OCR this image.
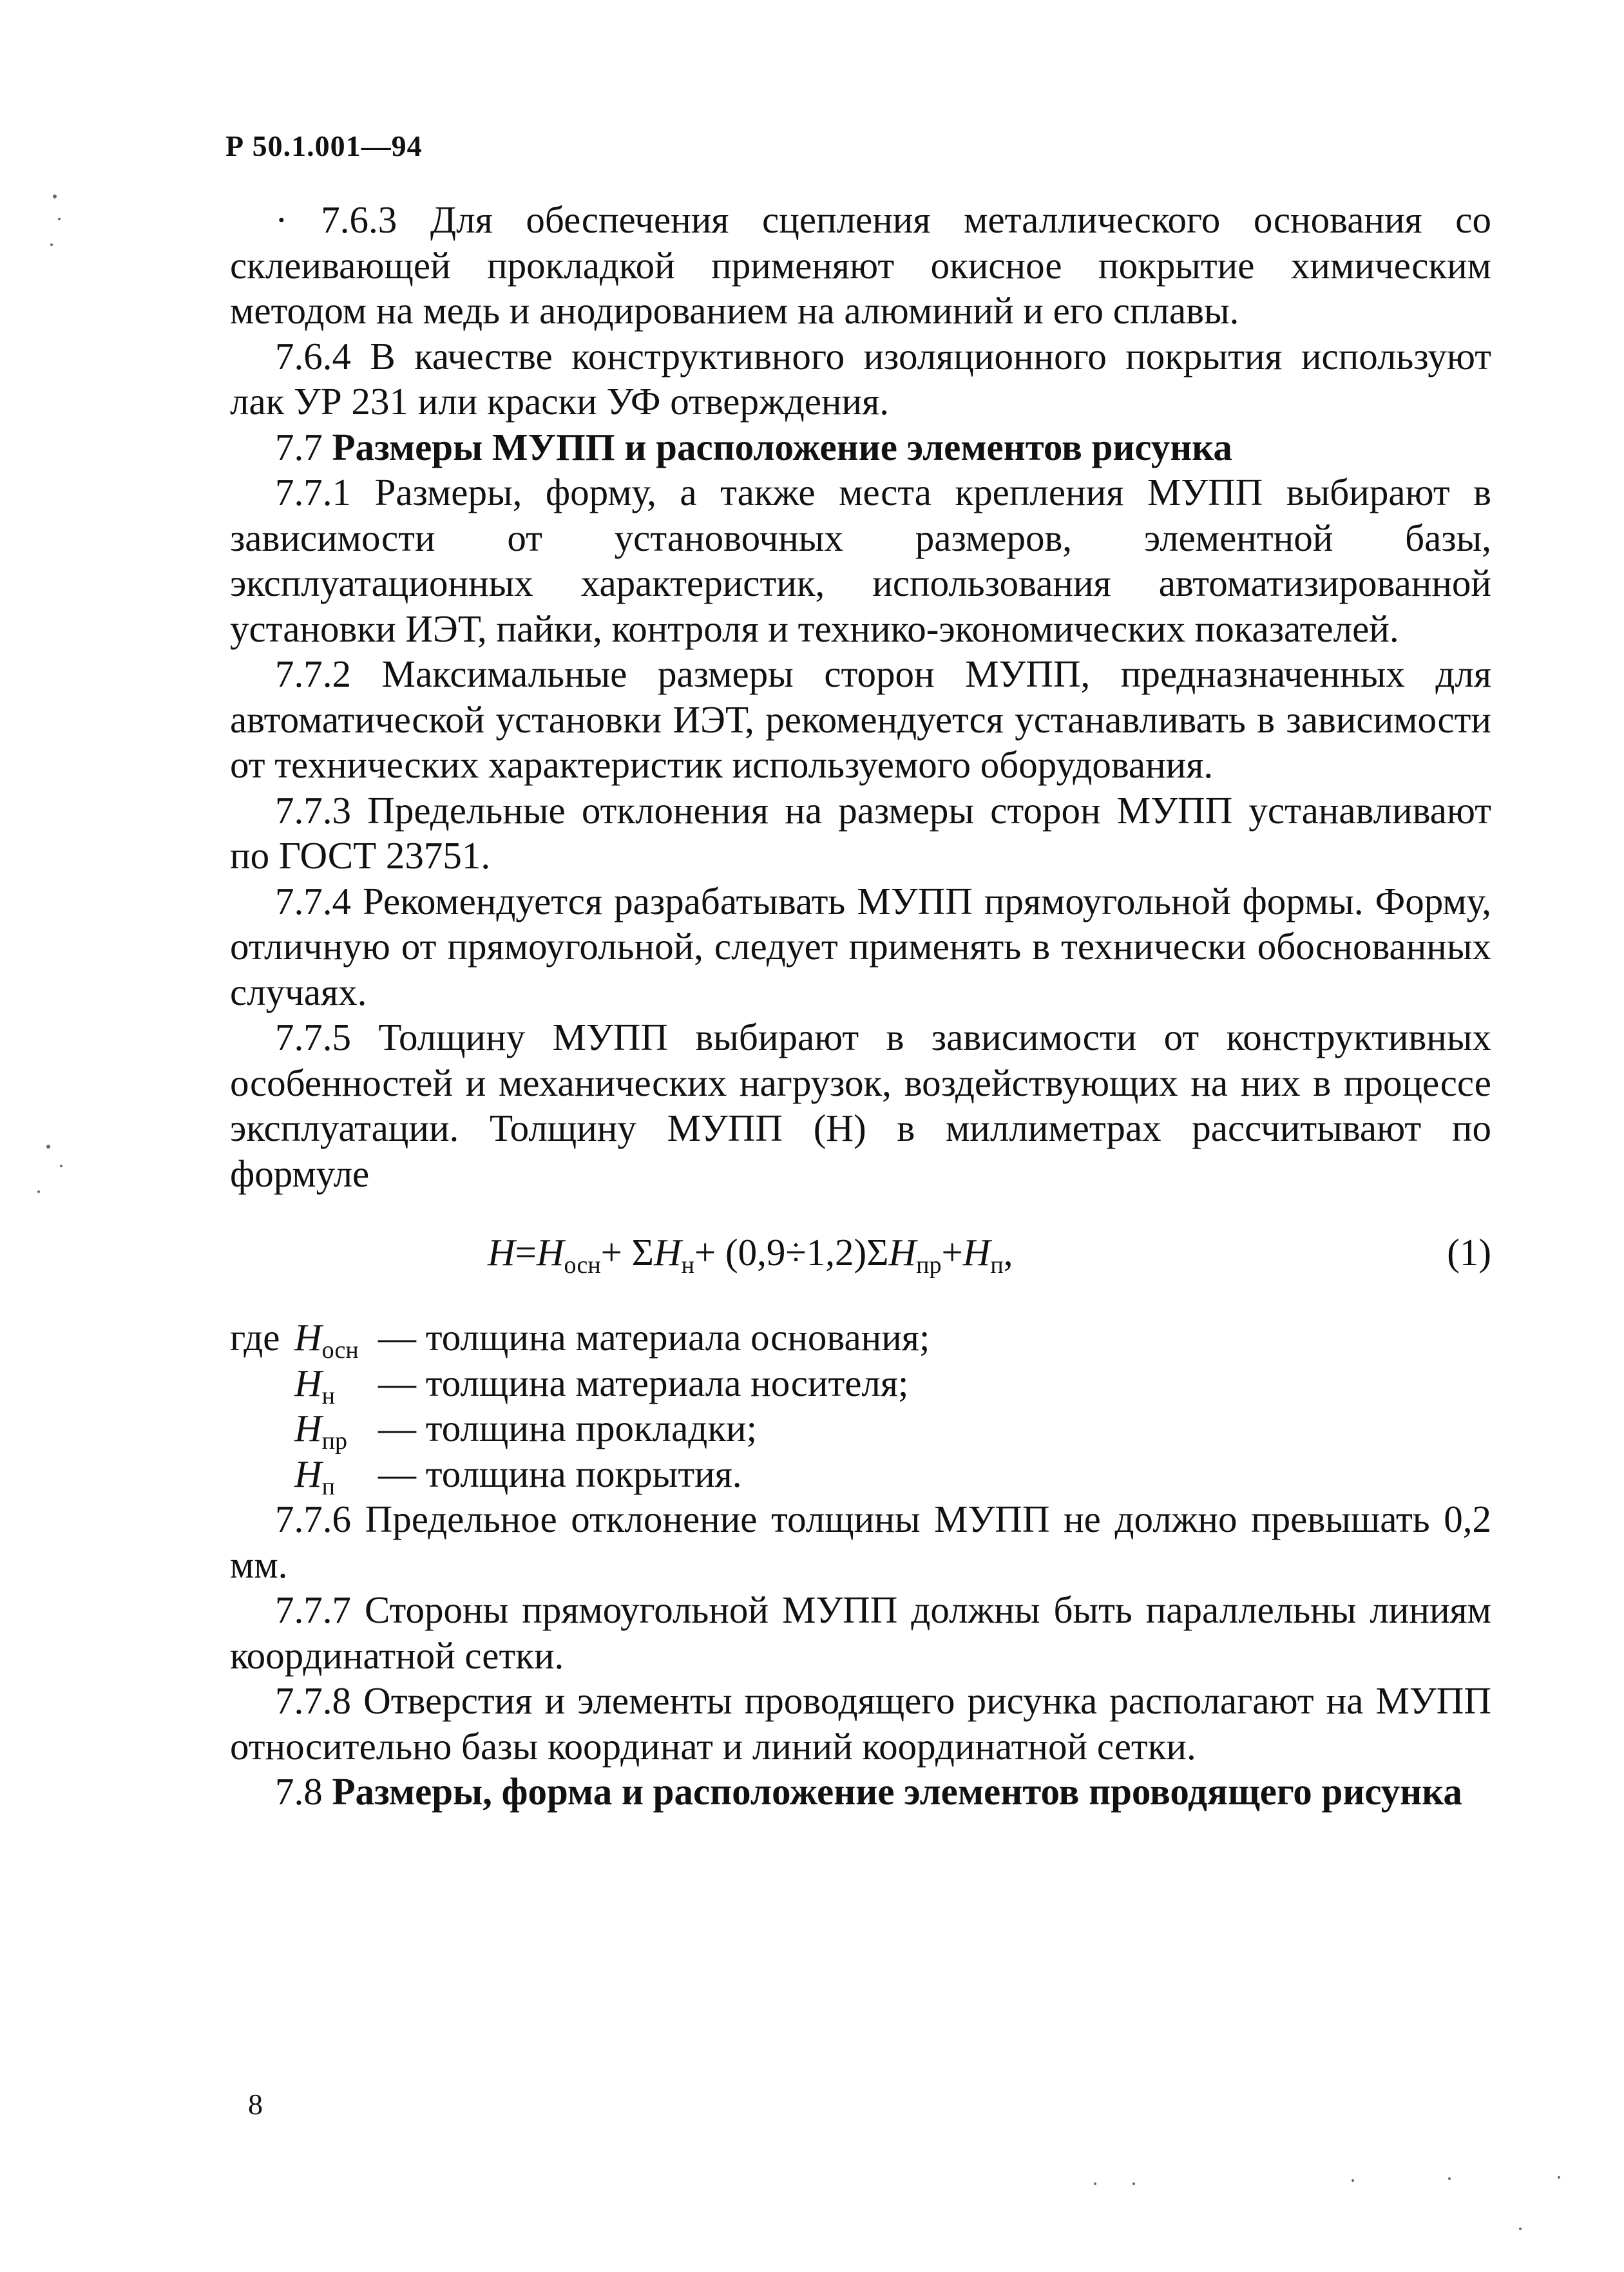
Р 50.1.001—94

· 7.6.3 Для обеспечения сцепления металлического основания со склеивающей прокладкой применяют окисное покрытие химическим методом на медь и анодированием на алюминий и его сплавы.

7.6.4 В качестве конструктивного изоляционного покрытия используют лак УР 231 или краски УФ отверждения.

7.7 Размеры МУПП и расположение элементов рисунка

7.7.1 Размеры, форму, а также места крепления МУПП выбирают в зависимости от установочных размеров, элементной базы, эксплуатационных характеристик, использования автоматизированной установки ИЭТ, пайки, контроля и технико-экономических показателей.

7.7.2 Максимальные размеры сторон МУПП, предназначенных для автоматической установки ИЭТ, рекомендуется устанавливать в зависимости от технических характеристик используемого оборудования.

7.7.3 Предельные отклонения на размеры сторон МУПП устанавливают по ГОСТ 23751.

7.7.4 Рекомендуется разрабатывать МУПП прямоугольной формы. Форму, отличную от прямоугольной, следует применять в технически обоснованных случаях.

7.7.5 Толщину МУПП выбирают в зависимости от конструктивных особенностей и механических нагрузок, воздействующих на них в процессе эксплуатации. Толщину МУПП (H) в миллиметрах рассчитывают по формуле

$H=H_{осн}+ \Sigma H_н+ (0,9\div 1,2)\Sigma H_{пр}+H_п$,	(1)
где $H_{осн}$ — толщина материала основания;
$H_н$	— толщина материала носителя;
$H_{пр}$ — толщина прокладки;
$H_п$	— толщина покрытия.

7.7.6 Предельное отклонение толщины МУПП не должно превышать 0,2 мм.

7.7.7 Стороны прямоугольной МУПП должны быть параллельны линиям координатной сетки.

7.7.8 Отверстия и элементы проводящего рисунка располагают на МУПП относительно базы координат и линий координатной сетки.

7.8 Размеры, форма и расположение элементов проводящего рисунка

8
